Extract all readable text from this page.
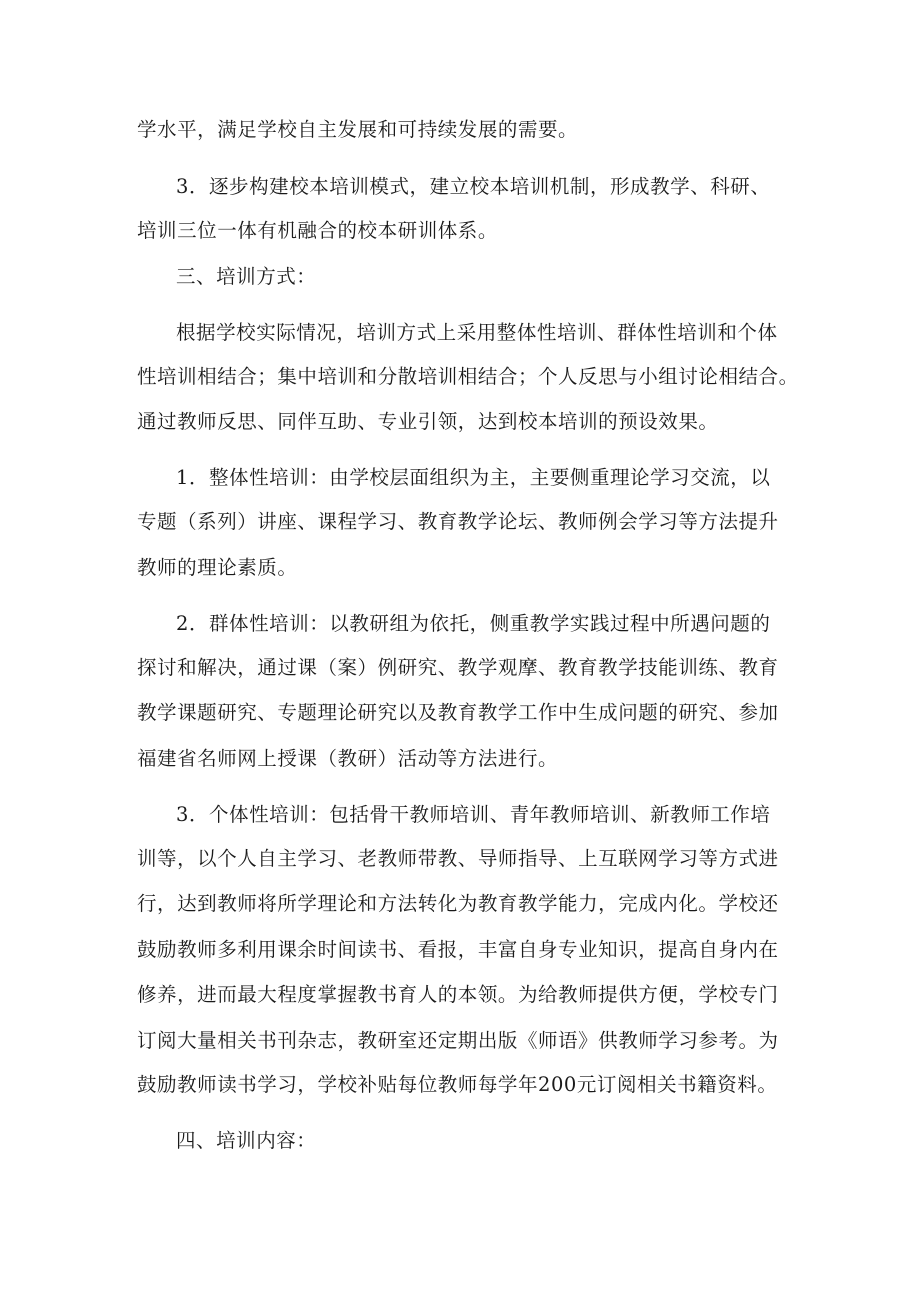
学水平，满足学校自主发展和可持续发展的需要。
3．逐步构建校本培训模式，建立校本培训机制，形成教学、科研、
培训三位一体有机融合的校本研训体系。
三、培训方式：
根据学校实际情况，培训方式上采用整体性培训、群体性培训和个体
性培训相结合；集中培训和分散培训相结合；个人反思与小组讨论相结合。
通过教师反思、同伴互助、专业引领，达到校本培训的预设效果。
1．整体性培训：由学校层面组织为主，主要侧重理论学习交流，以
专题（系列）讲座、课程学习、教育教学论坛、教师例会学习等方法提升
教师的理论素质。
2．群体性培训：以教研组为依托，侧重教学实践过程中所遇问题的
探讨和解决，通过课（案）例研究、教学观摩、教育教学技能训练、教育
教学课题研究、专题理论研究以及教育教学工作中生成问题的研究、参加
福建省名师网上授课（教研）活动等方法进行。
3．个体性培训：包括骨干教师培训、青年教师培训、新教师工作培
训等，以个人自主学习、老教师带教、导师指导、上互联网学习等方式进
行，达到教师将所学理论和方法转化为教育教学能力，完成内化。学校还
鼓励教师多利用课余时间读书、看报，丰富自身专业知识，提高自身内在
修养，进而最大程度掌握教书育人的本领。为给教师提供方便，学校专门
订阅大量相关书刊杂志，教研室还定期出版《师语》供教师学习参考。为
鼓励教师读书学习，学校补贴每位教师每学年200元订阅相关书籍资料。
四、培训内容：
